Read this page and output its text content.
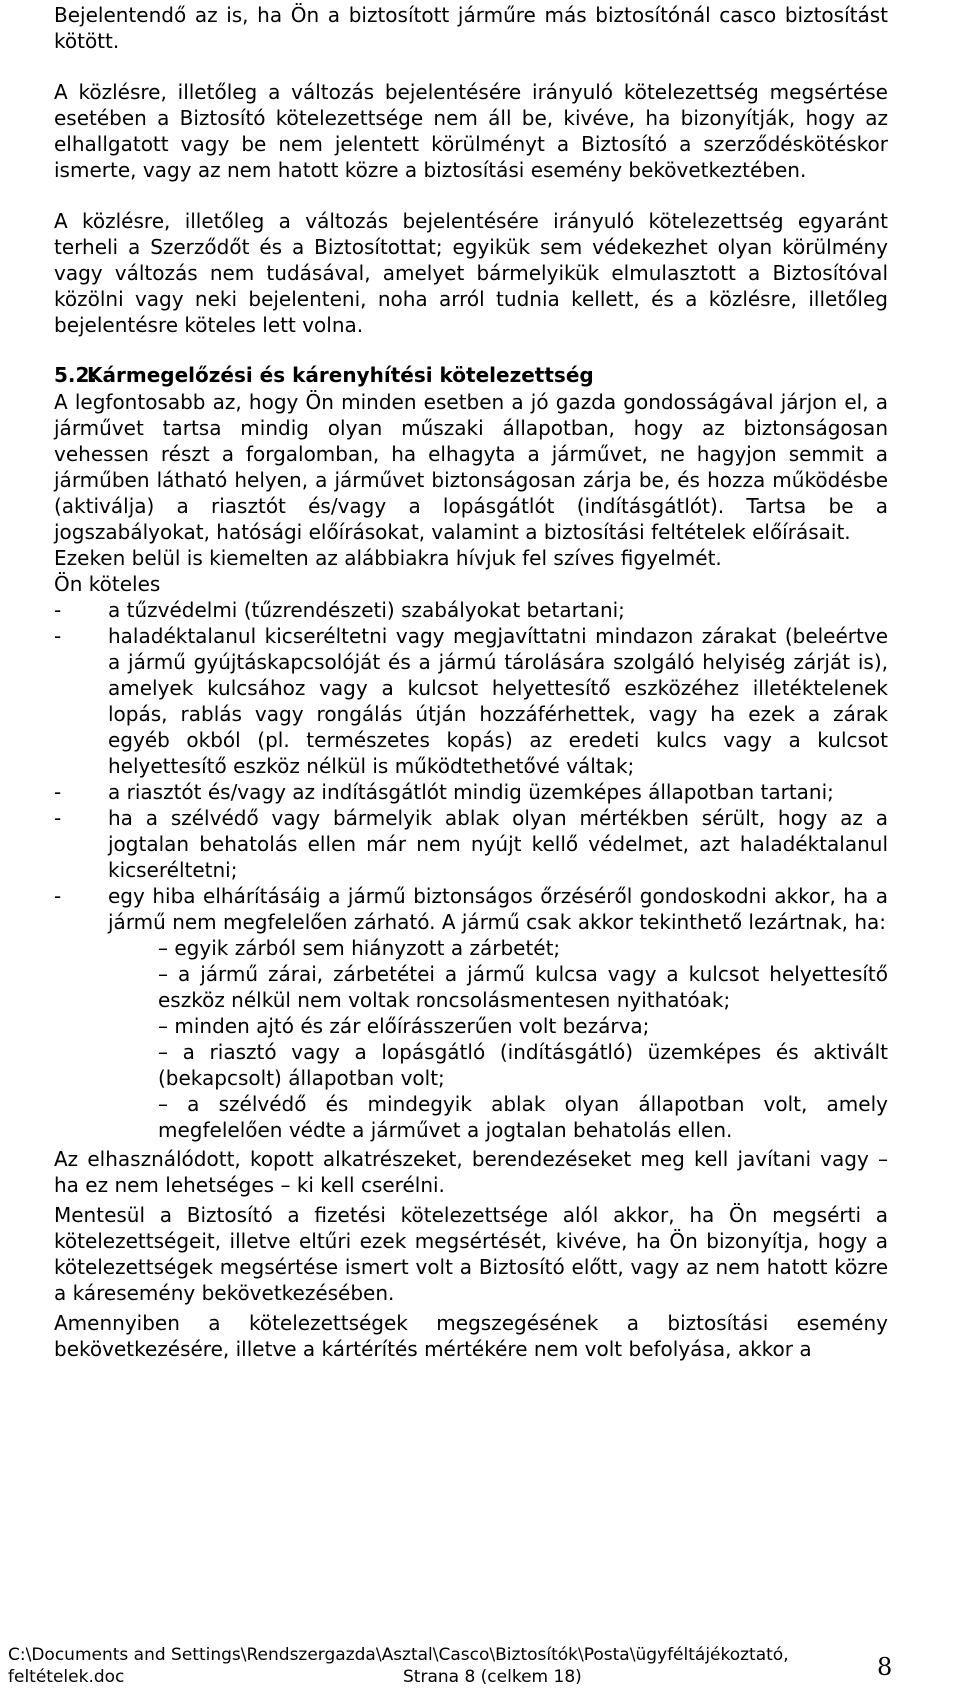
Bejelentendő az is, ha Ön a biztosított járműre más biztosítónál casco biztosítást kötött.

A közlésre, illetőleg a változás bejelentésére irányuló kötelezettség megsértése esetében a Biztosító kötelezettsége nem áll be, kivéve, ha bizonyítják, hogy az elhallgatott vagy be nem jelentett körülményt a Biztosító a szerződéskötéskor ismerte, vagy az nem hatott közre a biztosítási esemény bekövetkeztében.

A közlésre, illetőleg a változás bejelentésére irányuló kötelezettség egyaránt terheli a Szerződőt és a Biztosítottat; egyikük sem védekezhet olyan körülmény vagy változás nem tudásával, amelyet bármelyikük elmulasztott a Biztosítóval közölni vagy neki bejelenteni, noha arról tudnia kellett, és a közlésre, illetőleg bejelentésre köteles lett volna.

5.2.
Kármegelőzési és kárenyhítési kötelezettség

A legfontosabb az, hogy Ön minden esetben a jó gazda gondosságával járjon el, a járművet tartsa mindig olyan műszaki állapotban, hogy az biztonságosan vehessen részt a forgalomban, ha elhagyta a járművet, ne hagyjon semmit a járműben látható helyen, a járművet biztonságosan zárja be, és hozza működésbe (aktiválja) a riasztót és/vagy a lopásgátlót (indításgátlót). Tartsa be a jogszabályokat, hatósági előírásokat, valamint a biztosítási feltételek előírásait.

Ezeken belül is kiemelten az alábbiakra hívjuk fel szíves figyelmét.

Ön köteles

- a tűzvédelmi (tűzrendészeti) szabályokat betartani;
- haladéktalanul kicseréltetni vagy megjavíttatni mindazon zárakat (beleértve a jármű gyújtáskapcsolóját és a jármú tárolására szolgáló helyiség zárját is), amelyek kulcsához vagy a kulcsot helyettesítő eszközéhez illetéktelenek lopás, rablás vagy rongálás útján hozzáférhettek, vagy ha ezek a zárak egyéb okból (pl. természetes kopás) az eredeti kulcs vagy a kulcsot helyettesítő eszköz nélkül is működtethetővé váltak;
- a riasztót és/vagy az indításgátlót mindig üzemképes állapotban tartani;
- ha a szélvédő vagy bármelyik ablak olyan mértékben sérült, hogy az a jogtalan behatolás ellen már nem nyújt kellő védelmet, azt haladéktalanul kicseréltetni;
- egy hiba elhárításáig a jármű biztonságos őrzéséről gondoskodni akkor, ha a jármű nem megfelelően zárható. A jármű csak akkor tekinthető lezártnak, ha:
– egyik zárból sem hiányzott a zárbetét;
– a jármű zárai, zárbetétei a jármű kulcsa vagy a kulcsot helyettesítő eszköz nélkül nem voltak roncsolásmentesen nyithatóak;
– minden ajtó és zár előírásszerűen volt bezárva;
– a riasztó vagy a lopásgátló (indításgátló) üzemképes és aktivált (bekapcsolt) állapotban volt;
– a szélvédő és mindegyik ablak olyan állapotban volt, amely megfelelően védte a járművet a jogtalan behatolás ellen.

Az elhasználódott, kopott alkatrészeket, berendezéseket meg kell javítani vagy – ha ez nem lehetséges – ki kell cserélni.

Mentesül a Biztosító a fizetési kötelezettsége alól akkor, ha Ön megsérti a kötelezettségeit, illetve eltűri ezek megsértését, kivéve, ha Ön bizonyítja, hogy a kötelezettségek megsértése ismert volt a Biztosító előtt, vagy az nem hatott közre a káresemény bekövetkezésében.

Amennyiben a kötelezettségek megszegésének a biztosítási esemény bekövetkezésére, illetve a kártérítés mértékére nem volt befolyása, akkor a

C:\Documents and Settings\Rendszergazda\Asztal\Casco\Biztosítók\Posta\ügyféltájékoztató,

feltételek.doc	Strana 8 (celkem 18)	8
